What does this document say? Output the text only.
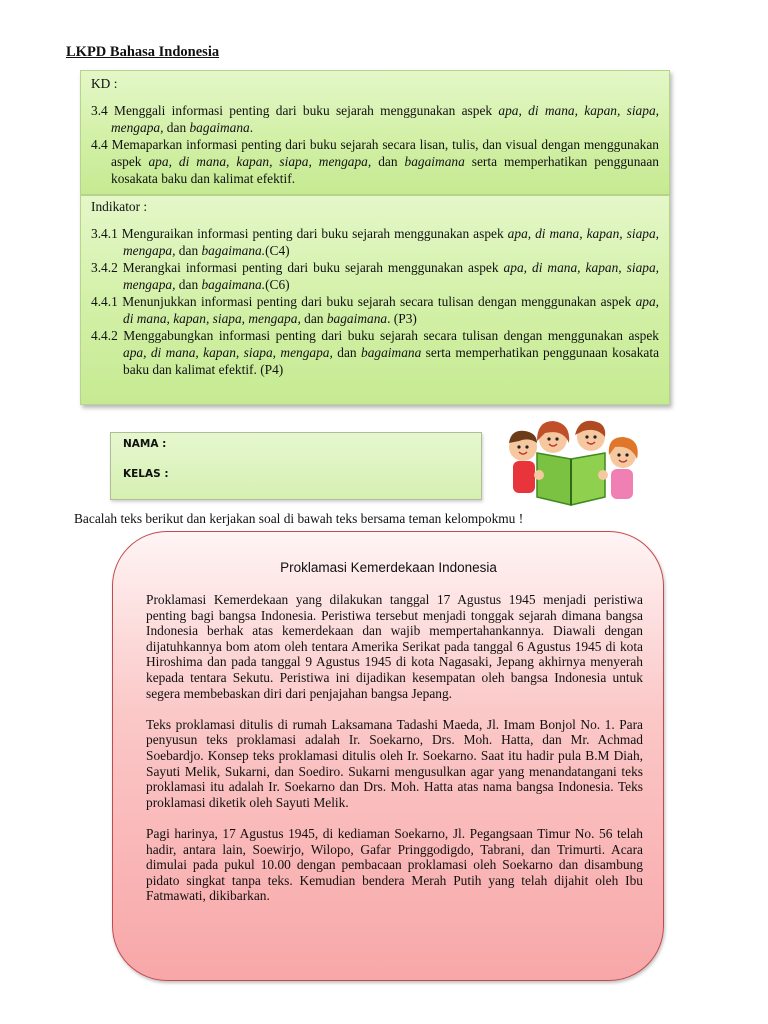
LKPD Bahasa Indonesia
KD :
3.4 Menggali informasi penting dari buku sejarah menggunakan aspek apa, di mana, kapan, siapa, mengapa, dan bagaimana.
4.4 Memaparkan informasi penting dari buku sejarah secara lisan, tulis, dan visual dengan menggunakan aspek apa, di mana, kapan, siapa, mengapa, dan bagaimana serta memperhatikan penggunaan kosakata baku dan kalimat efektif.
Indikator :
3.4.1 Menguraikan informasi penting dari buku sejarah menggunakan aspek apa, di mana, kapan, siapa, mengapa, dan bagaimana.(C4)
3.4.2 Merangkai informasi penting dari buku sejarah menggunakan aspek apa, di mana, kapan, siapa, mengapa, dan bagaimana.(C6)
4.4.1 Menunjukkan informasi penting dari buku sejarah secara tulisan dengan menggunakan aspek apa, di mana, kapan, siapa, mengapa, dan bagaimana. (P3)
4.4.2 Menggabungkan informasi penting dari buku sejarah secara tulisan dengan menggunakan aspek apa, di mana, kapan, siapa, mengapa, dan bagaimana serta memperhatikan penggunaan kosakata baku dan kalimat efektif. (P4)
NAMA :
KELAS :
Bacalah teks berikut dan kerjakan soal di bawah teks bersama teman kelompokmu !
Proklamasi Kemerdekaan Indonesia

Proklamasi Kemerdekaan yang dilakukan tanggal 17 Agustus 1945 menjadi peristiwa penting bagi bangsa Indonesia. Peristiwa tersebut menjadi tonggak sejarah dimana bangsa Indonesia berhak atas kemerdekaan dan wajib mempertahankannya. Diawali dengan dijatuhkannya bom atom oleh tentara Amerika Serikat pada tanggal 6 Agustus 1945 di kota Hiroshima dan pada tanggal 9 Agustus 1945 di kota Nagasaki, Jepang akhirnya menyerah kepada tentara Sekutu. Peristiwa ini dijadikan kesempatan oleh bangsa Indonesia untuk segera membebaskan diri dari penjajahan bangsa Jepang.

Teks proklamasi ditulis di rumah Laksamana Tadashi Maeda, Jl. Imam Bonjol No. 1. Para penyusun teks proklamasi adalah Ir. Soekarno, Drs. Moh. Hatta, dan Mr. Achmad Soebardjo. Konsep teks proklamasi ditulis oleh Ir. Soekarno. Saat itu hadir pula B.M Diah, Sayuti Melik, Sukarni, dan Soediro. Sukarni mengusulkan agar yang menandatangani teks proklamasi itu adalah Ir. Soekarno dan Drs. Moh. Hatta atas nama bangsa Indonesia. Teks proklamasi diketik oleh Sayuti Melik.

Pagi harinya, 17 Agustus 1945, di kediaman Soekarno, Jl. Pegangsaan Timur No. 56 telah hadir, antara lain, Soewirjo, Wilopo, Gafar Pringgodigdo, Tabrani, dan Trimurti. Acara dimulai pada pukul 10.00 dengan pembacaan proklamasi oleh Soekarno dan disambung pidato singkat tanpa teks. Kemudian bendera Merah Putih yang telah dijahit oleh Ibu Fatmawati, dikibarkan.
